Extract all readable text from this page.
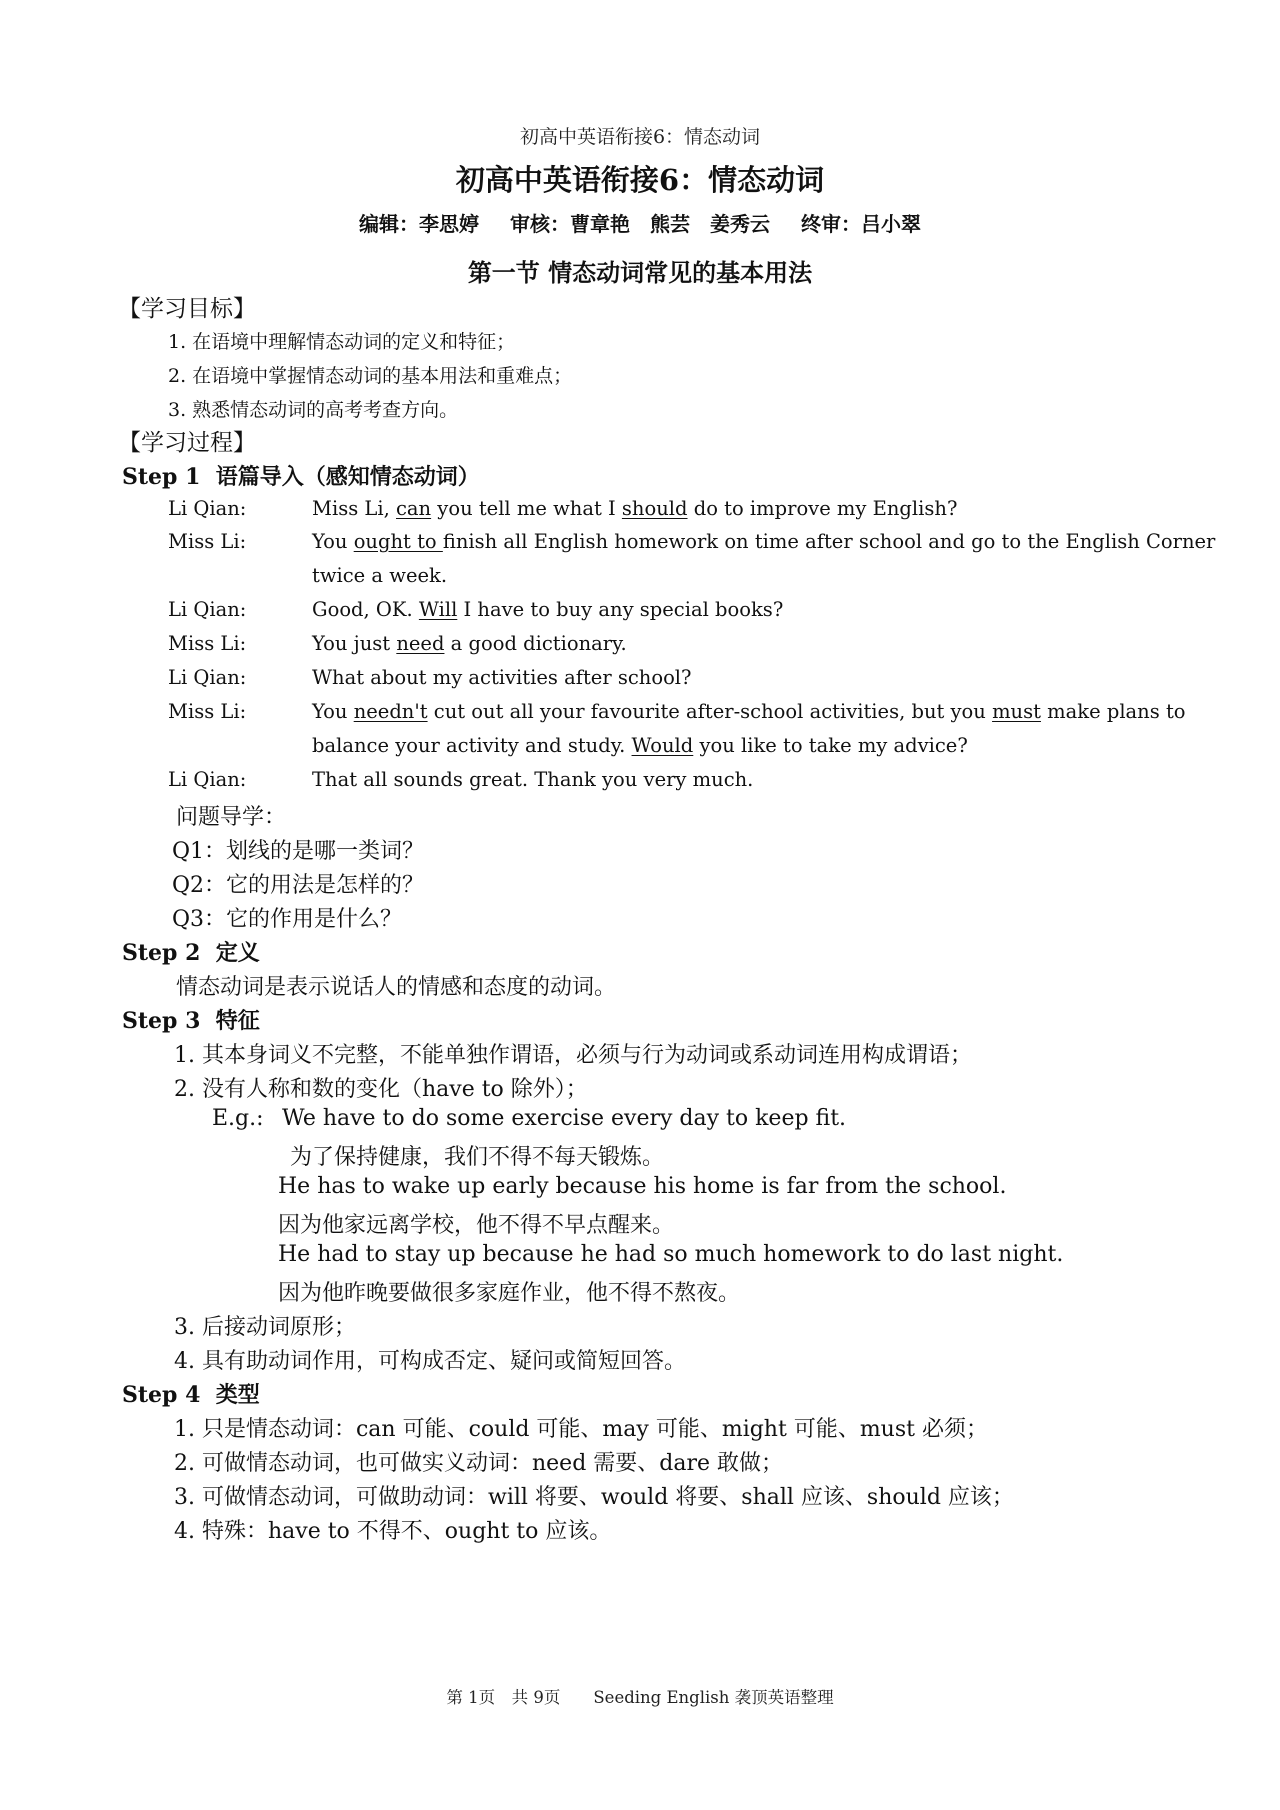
初高中英语衔接6：情态动词
初高中英语衔接6：情态动词
编辑：李思婷　 审核：曹章艳　熊芸　姜秀云　 终审：吕小翠
第一节 情态动词常见的基本用法
【学习目标】
1. 在语境中理解情态动词的定义和特征；
2. 在语境中掌握情态动词的基本用法和重难点；
3. 熟悉情态动词的高考考查方向。
【学习过程】
Step 1 语篇导入（感知情态动词）
Li Qian:	Miss Li, can you tell me what I should do to improve my English?
Miss Li:	You ought to finish all English homework on time after school and go to the English Corner
twice a week.
Li Qian:	Good, OK. Will I have to buy any special books?
Miss Li:	You just need a good dictionary.
Li Qian:	What about my activities after school?
Miss Li:	You needn't cut out all your favourite after-school activities, but you must make plans to
balance your activity and study. Would you like to take my advice?
Li Qian:	That all sounds great. Thank you very much.
问题导学：
Q1：划线的是哪一类词？
Q2：它的用法是怎样的？
Q3：它的作用是什么？
Step 2 定义
情态动词是表示说话人的情感和态度的动词。
Step 3 特征
1. 其本身词义不完整，不能单独作谓语，必须与行为动词或系动词连用构成谓语；
2. 没有人称和数的变化（have to 除外）；
E.g.: We have to do some exercise every day to keep fit.
为了保持健康，我们不得不每天锻炼。
He has to wake up early because his home is far from the school.
因为他家远离学校，他不得不早点醒来。
He had to stay up because he had so much homework to do last night.
因为他昨晚要做很多家庭作业，他不得不熬夜。
3. 后接动词原形；
4. 具有助动词作用，可构成否定、疑问或简短回答。
Step 4 类型
1. 只是情态动词：can 可能、could 可能、may 可能、might 可能、must 必须；
2. 可做情态动词，也可做实义动词：need 需要、dare 敢做；
3. 可做情态动词，可做助动词：will 将要、would 将要、shall 应该、should 应该；
4. 特殊：have to 不得不、ought to 应该。
第 1页　共 9页　　Seeding English 袭顶英语整理
